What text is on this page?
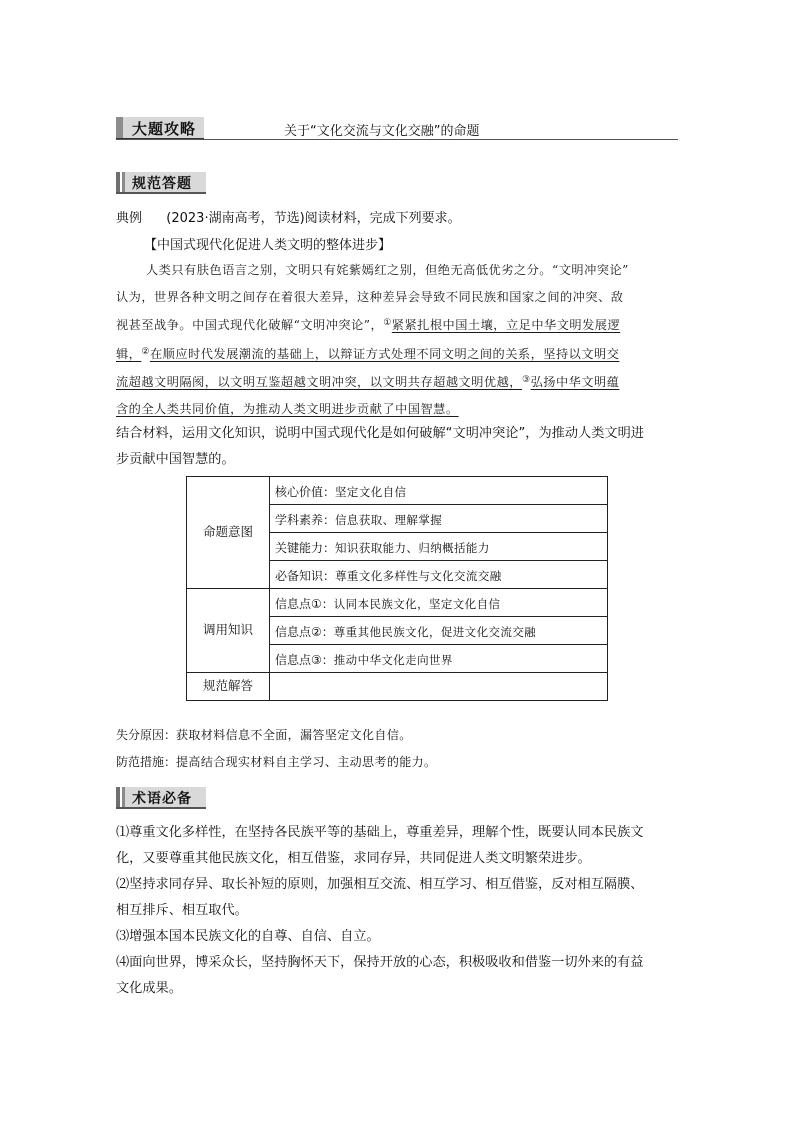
大题攻略	关于“文化交流与文化交融”的命题
规范答题
典例 (2023·湖南高考，节选)阅读材料，完成下列要求。
【中国式现代化促进人类文明的整体进步】
人类只有肤色语言之别，文明只有姹紫嫣红之别，但绝无高低优劣之分。“文明冲突论”
认为，世界各种文明之间存在着很大差异，这种差异会导致不同民族和国家之间的冲突、敌
视甚至战争。中国式现代化破解“文明冲突论”，①紧紧扎根中国土壤，立足中华文明发展逻
辑，②在顺应时代发展潮流的基础上，以辩证方式处理不同文明之间的关系，坚持以文明交
流超越文明隔阂，以文明互鉴超越文明冲突，以文明共存超越文明优越，③弘扬中华文明蕴
含的全人类共同价值，为推动人类文明进步贡献了中国智慧。
结合材料，运用文化知识，说明中国式现代化是如何破解“文明冲突论”，为推动人类文明进
步贡献中国智慧的。
命题意图
调用知识
规范解答
核心价值：坚定文化自信
学科素养：信息获取、理解掌握
关键能力：知识获取能力、归纳概括能力
必备知识：尊重文化多样性与文化交流交融
信息点①：认同本民族文化，坚定文化自信
信息点②：尊重其他民族文化，促进文化交流交融
信息点③：推动中华文化走向世界
失分原因：获取材料信息不全面，漏答坚定文化自信。
防范措施：提高结合现实材料自主学习、主动思考的能力。
术语必备
⑴尊重文化多样性，在坚持各民族平等的基础上，尊重差异，理解个性，既要认同本民族文
化，又要尊重其他民族文化，相互借鉴，求同存异，共同促进人类文明繁荣进步。
⑵坚持求同存异、取长补短的原则，加强相互交流、相互学习、相互借鉴，反对相互隔膜、
相互排斥、相互取代。
⑶增强本国本民族文化的自尊、自信、自立。
⑷面向世界，博采众长，坚持胸怀天下，保持开放的心态，积极吸收和借鉴一切外来的有益
文化成果。
